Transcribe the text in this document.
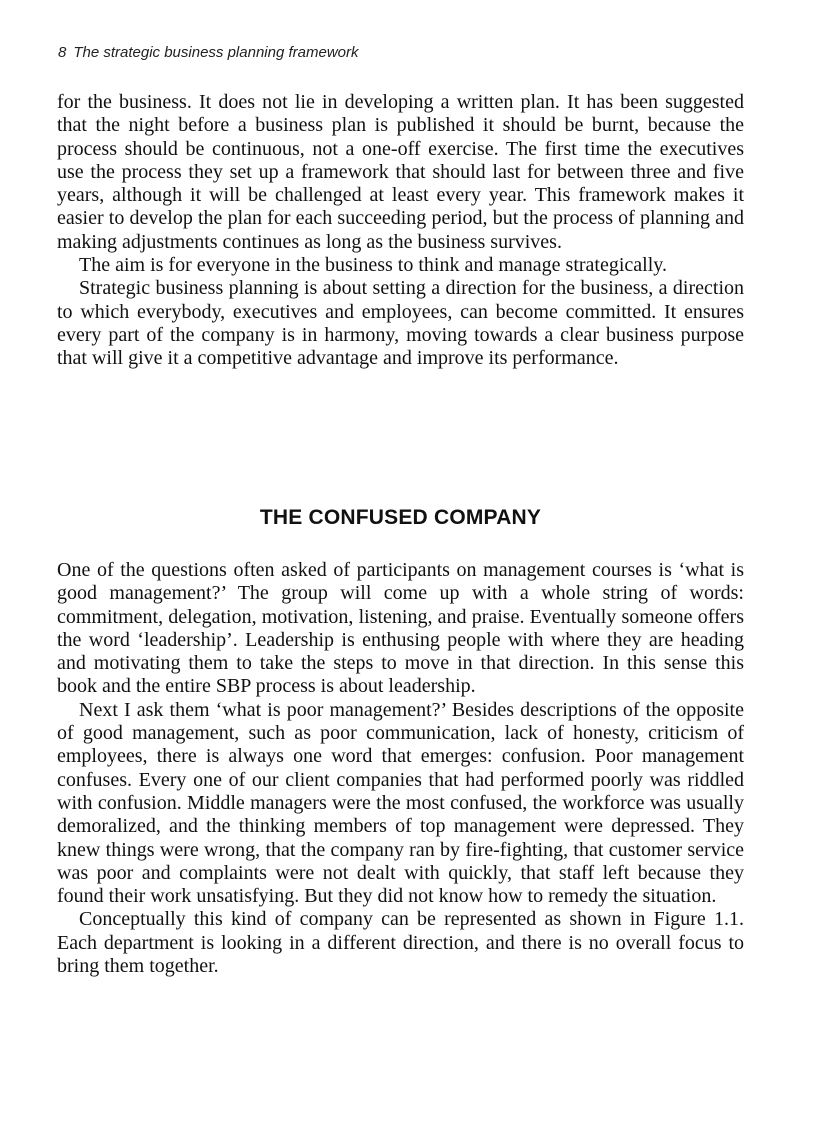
8 The strategic business planning framework

for the business. It does not lie in developing a written plan. It has been suggested that the night before a business plan is published it should be burnt, because the process should be continuous, not a one-off exercise. The first time the executives use the process they set up a framework that should last for between three and five years, although it will be challenged at least every year. This framework makes it easier to develop the plan for each succeeding period, but the process of planning and making adjustments continues as long as the business survives.

The aim is for everyone in the business to think and manage strategically.

Strategic business planning is about setting a direction for the business, a direction to which everybody, executives and employees, can become committed. It ensures every part of the company is in harmony, moving towards a clear business purpose that will give it a competitive advantage and improve its performance.

THE CONFUSED COMPANY

One of the questions often asked of participants on management courses is ‘what is good management?’ The group will come up with a whole string of words: commitment, delegation, motivation, listening, and praise. Eventually someone offers the word ‘leadership’. Leadership is enthusing people with where they are heading and motivating them to take the steps to move in that direction. In this sense this book and the entire SBP process is about leadership.

Next I ask them ‘what is poor management?’ Besides descriptions of the opposite of good management, such as poor communication, lack of honesty, criticism of employees, there is always one word that emerges: confusion. Poor management confuses. Every one of our client companies that had performed poorly was riddled with confusion. Middle managers were the most confused, the workforce was usually demoralized, and the thinking members of top management were depressed. They knew things were wrong, that the company ran by fire-fighting, that customer service was poor and complaints were not dealt with quickly, that staff left because they found their work unsatisfying. But they did not know how to remedy the situation.

Conceptually this kind of company can be represented as shown in Figure 1.1. Each department is looking in a different direction, and there is no overall focus to bring them together.
